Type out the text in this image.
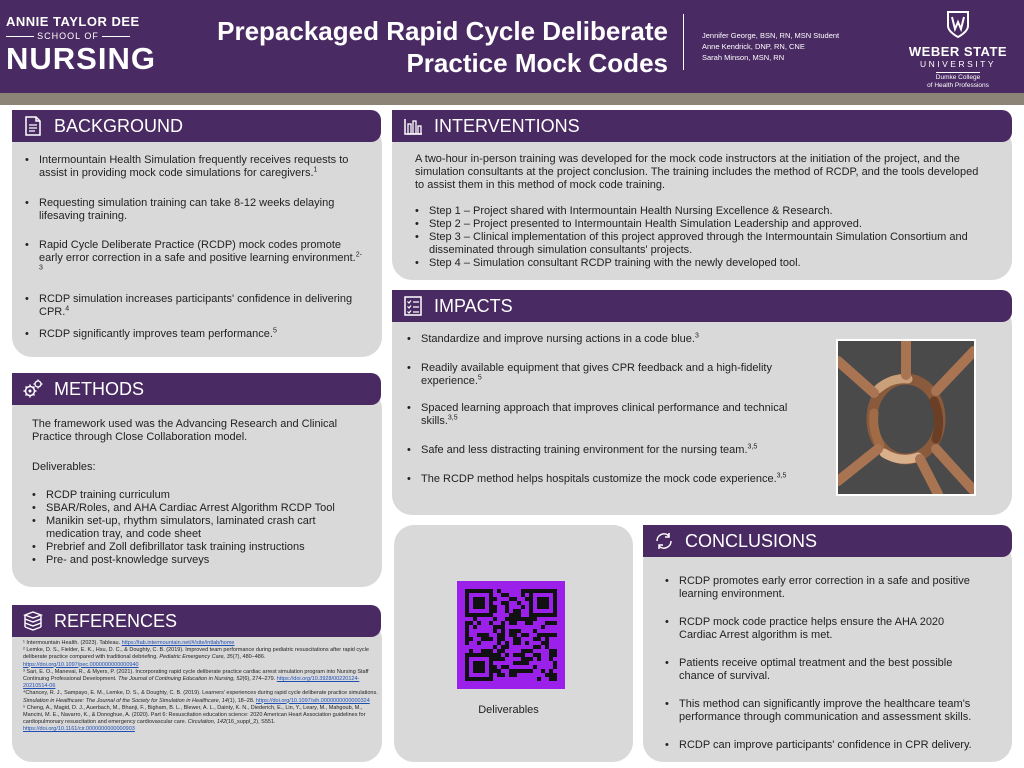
ANNIE TAYLOR DEE
SCHOOL OF
NURSING
Prepackaged Rapid Cycle Deliberate
Practice Mock Codes
Jennifer George, BSN, RN, MSN Student
Anne Kendrick, DNP, RN, CNE
Sarah Minson, MSN, RN	WEBER STATE
UNIVERSITY
Dumke College
of Health Professions
BACKGROUND
• Intermountain Health Simulation frequently receives requests to assist in providing mock code simulations for caregivers.$^1$
• Requesting simulation training can take 8-12 weeks delaying lifesaving training.
• Rapid Cycle Deliberate Practice (RCDP) mock codes promote early error correction in a safe and positive learning environment.$^{2-3}$
• RCDP simulation increases participants' confidence in delivering CPR.$^4$
• RCDP significantly improves team performance.$^5$
METHODS
The framework used was the Advancing Research and Clinical Practice through Close Collaboration model.
Deliverables:
• RCDP training curriculum
• SBAR/Roles, and AHA Cardiac Arrest Algorithm RCDP Tool
• Manikin set-up, rhythm simulators, laminated crash cart medication tray, and code sheet
• Prebrief and Zoll defibrillator task training instructions
• Pre- and post-knowledge surveys
REFERENCES
¹ Intermountain Health. (2023). Tableau. https://tab.intermountain.net/#/site/intlab/home
² Lemke, D. S., Fielder, E. K., Hsu, D. C., & Doughty, C. B. (2019). Improved team performance during pediatric resuscitations after rapid cycle deliberate practice compared with traditional debriefing. Pediatric Emergency Care, 35(7), 480–486. https://doi.org/10.1097/pec.0000000000000940
³ Sari, E. O., Manevai, R., & Myers, P. (2021). Incorporating rapid cycle deliberate practice cardiac arrest simulation program into Nursing Staff Continuing Professional Development. The Journal of Continuing Education in Nursing, 52(6), 274–279. https://doi.org/10.3928/00220124-20210514-06
⁴Chancey, R. J., Sampayo, E. M., Lemke, D. S., & Doughty, C. B. (2019). Learners' experiences during rapid cycle deliberate practice simulations. Simulation in Healthcare: The Journal of the Society for Simulation in Healthcare, 14(1), 18–28. https://doi.org/10.1097/sih.0000000000000324
⁵ Cheng, A., Magid, D. J., Auerbach, M., Bhanji, F., Bigham, B. L., Blewer, A. L., Dainty, K. N., Diederich, E., Lin, Y., Leary, M., Mahgoub, M., Mancini, M. E., Navarro, K., & Donoghue, A. (2020). Part 6: Resuscitation education science: 2020 American Heart Association guidelines for cardiopulmonary resuscitation and emergency cardiovascular care. Circulation, 142(16_suppl_2), S551. https://doi.org/10.1161/cir.0000000000000903
INTERVENTIONS
A two-hour in-person training was developed for the mock code instructors at the initiation of the project, and the simulation consultants at the project conclusion. The training includes the method of RCDP, and the tools developed to assist them in this method of mock code training.
• Step 1 – Project shared with Intermountain Health Nursing Excellence & Research.
• Step 2 – Project presented to Intermountain Health Simulation Leadership and approved.
• Step 3 – Clinical implementation of this project approved through the Intermountain Simulation Consortium and disseminated through simulation consultants' projects.
• Step 4 – Simulation consultant RCDP training with the newly developed tool.
IMPACTS
• Standardize and improve nursing actions in a code blue.$^3$
• Readily available equipment that gives CPR feedback and a high-fidelity experience.$^5$
• Spaced learning approach that improves clinical performance and technical skills.$^{3,5}$
• Safe and less distracting training environment for the nursing team.$^{3,5}$
• The RCDP method helps hospitals customize the mock code experience.$^{3,5}$
Deliverables
CONCLUSIONS
• RCDP promotes early error correction in a safe and positive learning environment.
• RCDP mock code practice helps ensure the AHA 2020 Cardiac Arrest algorithm is met.
• Patients receive optimal treatment and the best possible chance of survival.
• This method can significantly improve the healthcare team's performance through communication and assessment skills.
• RCDP can improve participants' confidence in CPR delivery.
